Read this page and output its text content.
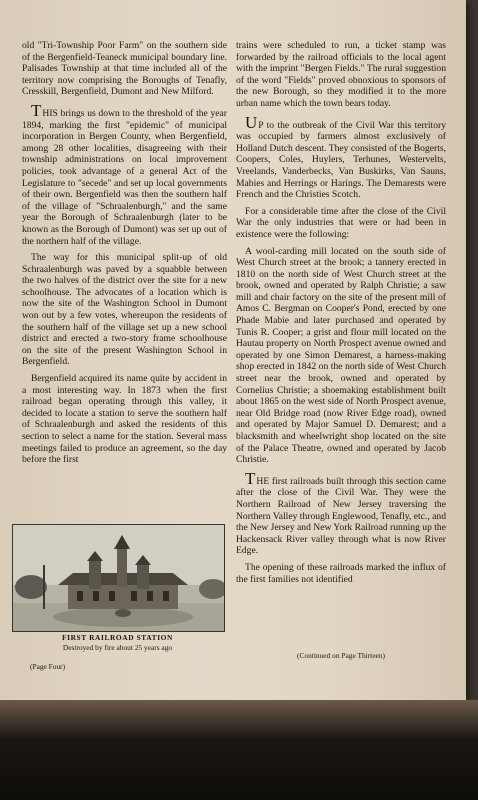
old "Tri-Township Poor Farm" on the southern side of the Bergenfield-Teaneck municipal boundary line. Palisades Township at that time included all of the territory now comprising the Boroughs of Tenafly, Cresskill, Bergenfield, Dumont and New Milford.

THIS brings us down to the threshold of the year 1894, marking the first "epidemic" of municipal incorporation in Bergen County, when Bergenfield, among 28 other localities, disagreeing with their township administrations on local improvement policies, took advantage of a general Act of the Legislature to "secede" and set up local governments of their own. Bergenfield was then the southern half of the village of "Schraalenburgh," and the same year the Borough of Schraalenburgh (later to be known as the Borough of Dumont) was set up out of the northern half of the village.

The way for this municipal split-up of old Schraalenburgh was paved by a squabble between the two halves of the district over the site for a new schoolhouse. The advocates of a location which is now the site of the Washington School in Dumont won out by a few votes, whereupon the residents of the southern half of the village set up a new school district and erected a two-story frame schoolhouse on the site of the present Washington School in Bergenfield.

Bergenfield acquired its name quite by accident in a most interesting way. In 1873 when the first railroad began operating through this valley, it decided to locate a station to serve the southern half of Schraalenburgh and asked the residents of this section to select a name for the station. Several mass meetings failed to produce an agreement, so the day before the first

trains were scheduled to run, a ticket stamp was forwarded by the railroad officials to the local agent with the imprint "Bergen Fields." The rural suggestion of the word "Fields" proved obnoxious to sponsors of the new Borough, so they modified it to the more urban name which the town bears today.

UP to the outbreak of the Civil War this territory was occupied by farmers almost exclusively of Holland Dutch descent. They consisted of the Bogerts, Coopers, Coles, Huylers, Terhunes, Westervelts, Vreelands, Vanderbecks, Van Buskirks, Van Sauns, Mabies and Herrings or Harings. The Demarests were French and the Christies Scotch.

For a considerable time after the close of the Civil War the only industries that were or had been in existence were the following:

A wool-carding mill located on the south side of West Church street at the brook; a tannery erected in 1810 on the north side of West Church street at the brook, owned and operated by Ralph Christie; a saw mill and chair factory on the site of the present mill of Amos C. Bergman on Cooper's Pond, erected by one Phade Mabie and later purchased and operated by Tunis R. Cooper; a grist and flour mill located on the Hautau property on North Prospect avenue owned and operated by one Simon Demarest, a harness-making shop erected in 1842 on the north side of West Church street near the brook, owned and operated by Cornelius Christie; a shoemaking establishment built about 1865 on the west side of North Prospect avenue, near Old Bridge road (now River Edge road), owned and operated by Major Samuel D. Demarest; and a blacksmith and wheelwright shop located on the site of the Palace Theatre, owned and operated by Jacob Christie.

THE first railroads built through this section came after the close of the Civil War. They were the Northern Railroad of New Jersey traversing the Northern Valley through Englewood, Tenafly, etc., and the New Jersey and New York Railroad running up the Hackensack River valley through what is now River Edge.

The opening of these railroads marked the influx of the first families not identified

FIRST RAILROAD STATION
Destroyed by fire about 25 years ago
(Page Four)
(Continued on Page Thirteen)
